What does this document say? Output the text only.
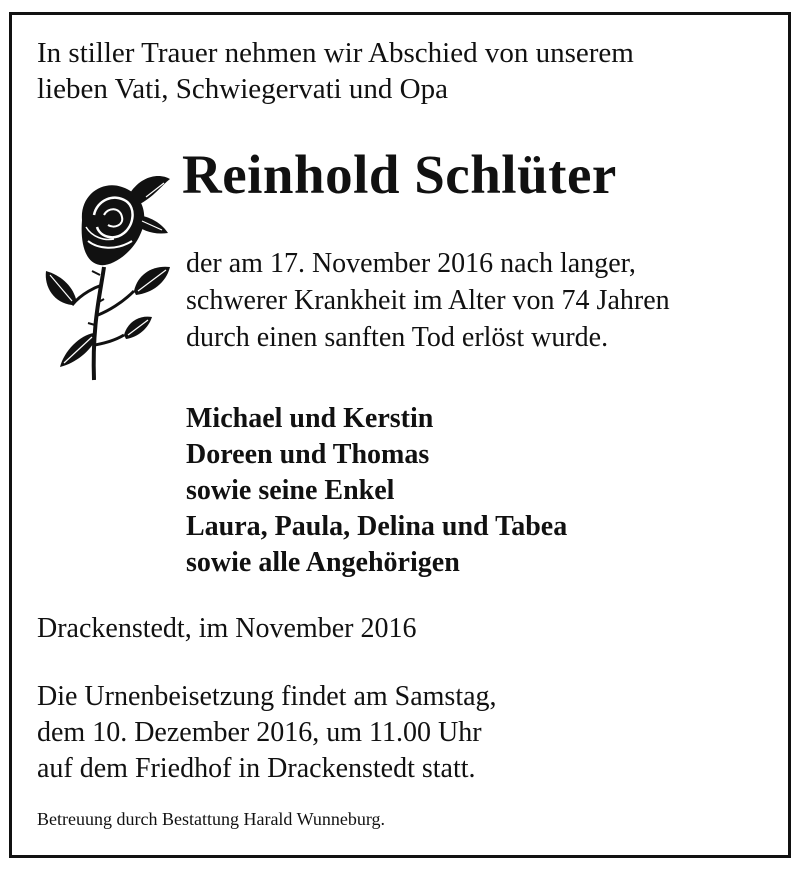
In stiller Trauer nehmen wir Abschied von unserem
lieben Vati, Schwiegervati und Opa
Reinhold Schlüter
der am 17. November 2016 nach langer,
schwerer Krankheit im Alter von 74 Jahren
durch einen sanften Tod erlöst wurde.
Michael und Kerstin
Doreen und Thomas
sowie seine Enkel
Laura, Paula, Delina und Tabea
sowie alle Angehörigen
Drackenstedt, im November 2016
Die Urnenbeisetzung findet am Samstag,
dem 10. Dezember 2016, um 11.00 Uhr
auf dem Friedhof in Drackenstedt statt.
Betreuung durch Bestattung Harald Wunneburg.
